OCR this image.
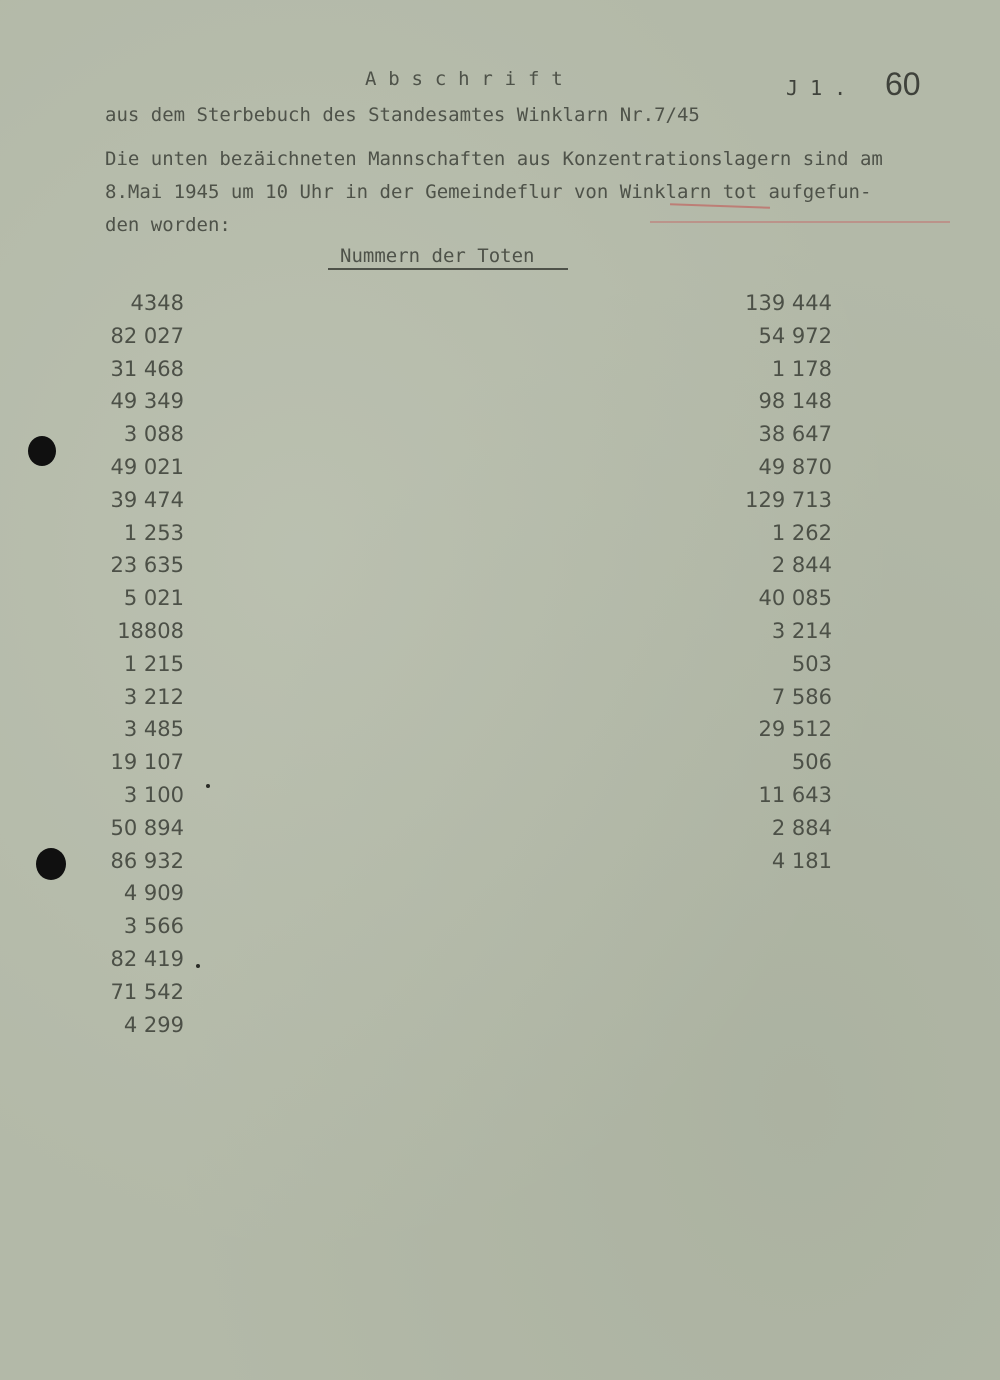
A b s c h r i f t	J 1 . 60
aus dem Sterbebuch des Standesamtes Winklarn Nr.7/45
Die unten bezäichneten Mannschaften aus Konzentrationslagern sind am
8.Mai 1945 um 10 Uhr in der Gemeindeflur von Winklarn tot aufgefun-
den worden:
Nummern der Toten
4348
82 027
31 468
49 349
3 088
49 021
39 474
1 253
23 635
5 021
18808
1 215
3 212
3 485
19 107
3 100
50 894
86 932
4 909
3 566
82 419
71 542
4 299
139 444
54 972
1 178
98 148
38 647
49 870
129 713
1 262
2 844
40 085
3 214
503
7 586
29 512
506
11 643
2 884
4 181
